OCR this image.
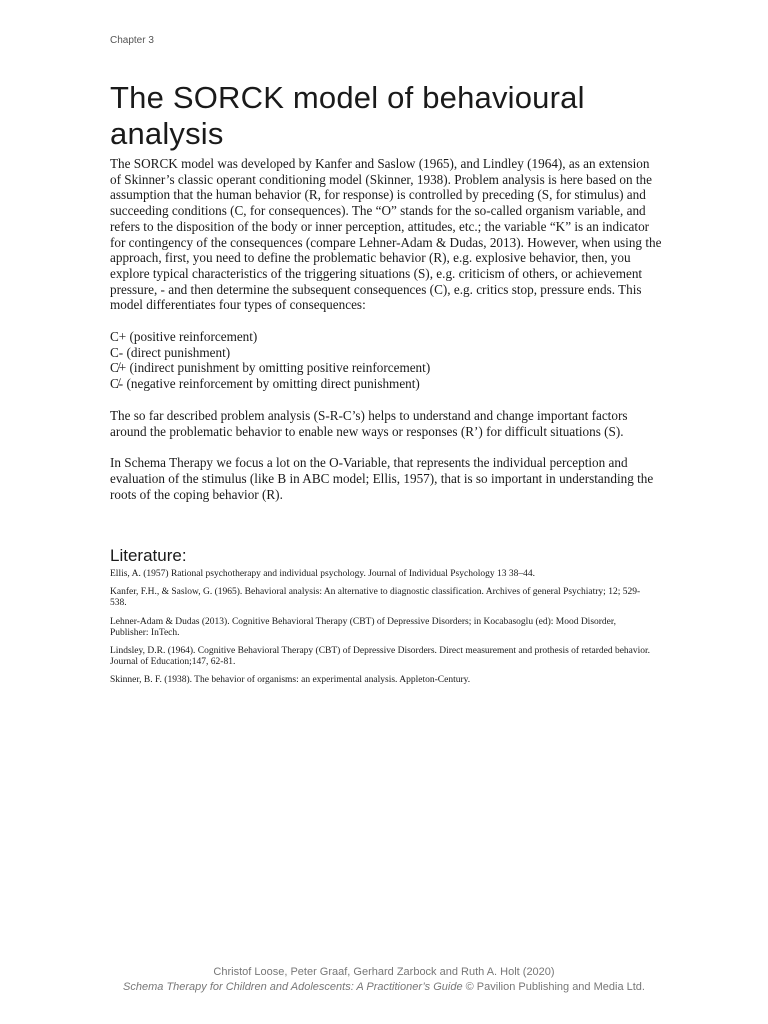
Chapter 3
The SORCK model of behavioural analysis

The SORCK model was developed by Kanfer and Saslow (1965), and Lindley (1964), as an extension of Skinner’s classic operant conditioning model (Skinner, 1938). Problem analysis is here based on the assumption that the human behavior (R, for response) is controlled by preceding (S, for stimulus) and succeeding conditions (C, for consequences). The “O” stands for the so-called organism variable, and refers to the disposition of the body or inner perception, attitudes, etc.; the variable “K” is an indicator for contingency of the consequences (compare Lehner-Adam & Dudas, 2013). However, when using the approach, first, you need to define the problematic behavior (R), e.g. explosive behavior, then, you explore typical characteristics of the triggering situations (S), e.g. criticism of others, or achievement pressure, - and then determine the subsequent consequences (C), e.g. critics stop, pressure ends. This model differentiates four types of consequences:

C+ (positive reinforcement)
C- (direct punishment)
C̸+ (indirect punishment by omitting positive reinforcement)
C̸- (negative reinforcement by omitting direct punishment)

The so far described problem analysis (S-R-C’s) helps to understand and change important factors around the problematic behavior to enable new ways or responses (R’) for difficult situations (S).

In Schema Therapy we focus a lot on the O-Variable, that represents the individual perception and evaluation of the stimulus (like B in ABC model; Ellis, 1957), that is so important in understanding the roots of the coping behavior (R).

Literature:
Ellis, A. (1957) Rational psychotherapy and individual psychology. Journal of Individual Psychology 13 38–44.
Kanfer, F.H., & Saslow, G. (1965). Behavioral analysis: An alternative to diagnostic classification. Archives of general Psychiatry; 12; 529-538.
Lehner-Adam & Dudas (2013). Cognitive Behavioral Therapy (CBT) of Depressive Disorders; in Kocabasoglu (ed): Mood Disorder, Publisher: InTech.
Lindsley, D.R. (1964). Cognitive Behavioral Therapy (CBT) of Depressive Disorders. Direct measurement and prothesis of retarded behavior. Journal of Education;147, 62-81.
Skinner, B. F. (1938). The behavior of organisms: an experimental analysis. Appleton-Century.
Christof Loose, Peter Graaf, Gerhard Zarbock and Ruth A. Holt (2020)
Schema Therapy for Children and Adolescents: A Practitioner’s Guide © Pavilion Publishing and Media Ltd.
